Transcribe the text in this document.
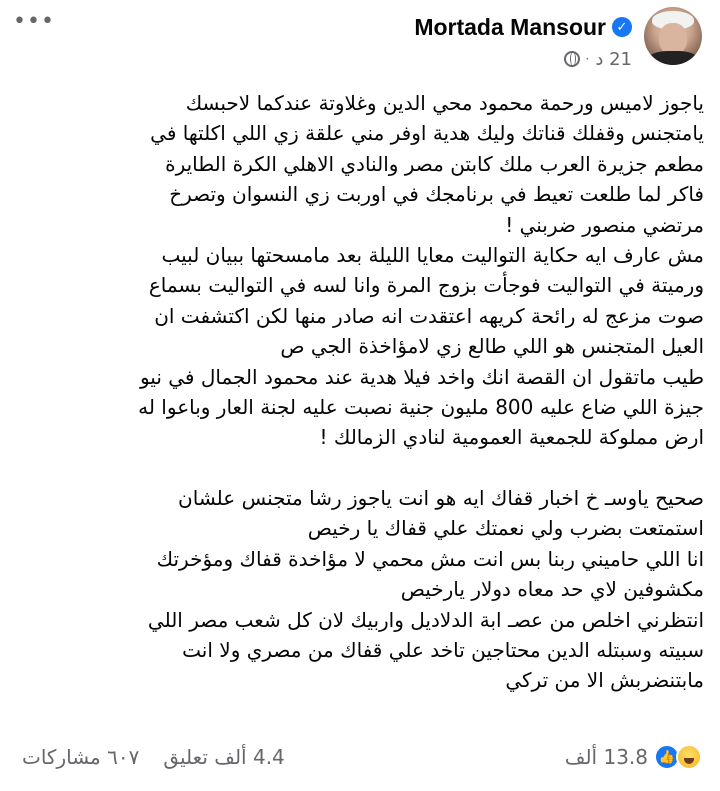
•••	Mortada Mansour ✓
21 د
·
ياجوز لاميس ورحمة محمود محي الدين وغلاوتة عندكما لاحبسك
يامتجنس وقفلك قناتك وليك هدية اوفر مني علقة زي اللي اكلتها في
مطعم جزيرة العرب ملك كابتن مصر والنادي الاهلي الكرة الطايرة
فاكر لما طلعت تعيط في برنامجك في اوربت زي النسوان وتصرخ
مرتضي منصور ضربني !
مش عارف ايه حكاية التواليت معايا الليلة بعد مامسحتها ببيان لبيب
ورميتة في التواليت فوجأت بزوج المرة وانا لسه في التواليت بسماع
صوت مزعج له رائحة كريهه اعتقدت انه صادر منها لكن اكتشفت ان
العيل المتجنس هو اللي طالع زي لامؤاخذة الجي ص
طيب ماتقول ان القصة انك واخد فيلا هدية عند محمود الجمال في نيو
جيزة اللي ضاع عليه 800 مليون جنية نصبت عليه لجنة العار وباعوا له
ارض مملوكة للجمعية العمومية لنادي الزمالك !
صحيح ياوسـ خ اخبار قفاك ايه هو انت ياجوز رشا متجنس علشان
استمتعت بضرب ولي نعمتك علي قفاك يا رخيص
انا اللي حاميني ربنا بس انت مش محمي لا مؤاخدة قفاك ومؤخرتك
مكشوفين لاي حد معاه دولار يارخيص
انتظرني اخلص من عصـ ابة الدلاديل واربيك لان كل شعب مصر اللي
سبيته وسبتله الدين محتاجين تاخد علي قفاك من مصري ولا انت
مابتنضربش الا من تركي
👍
13.8 ألف
4.4 ألف تعليق
٦٠٧ مشاركات
